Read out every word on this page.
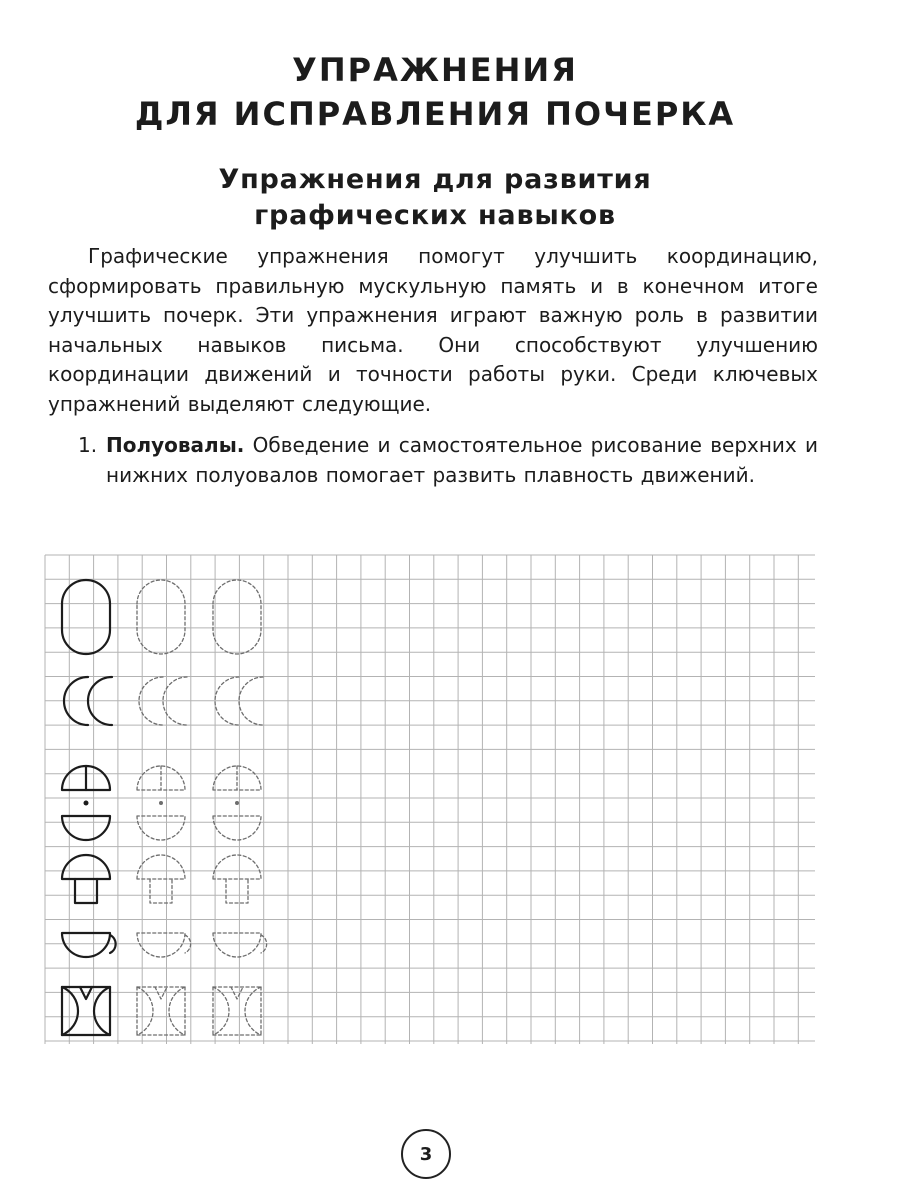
УПРАЖНЕНИЯ
ДЛЯ ИСПРАВЛЕНИЯ ПОЧЕРКА
Упражнения для развития
графических навыков

Графические упражнения помогут улучшить координацию, сформировать правильную мускульную память и в конечном итоге улучшить почерк. Эти упражнения играют важную роль в развитии начальных навыков письма. Они способствуют улучшению координации движений и точности работы руки. Среди ключевых упражнений выделяют следующие.

1. Полуовалы. Обведение и самостоятельное рисование верхних и нижних полуовалов помогает развить плавность движений.
3
